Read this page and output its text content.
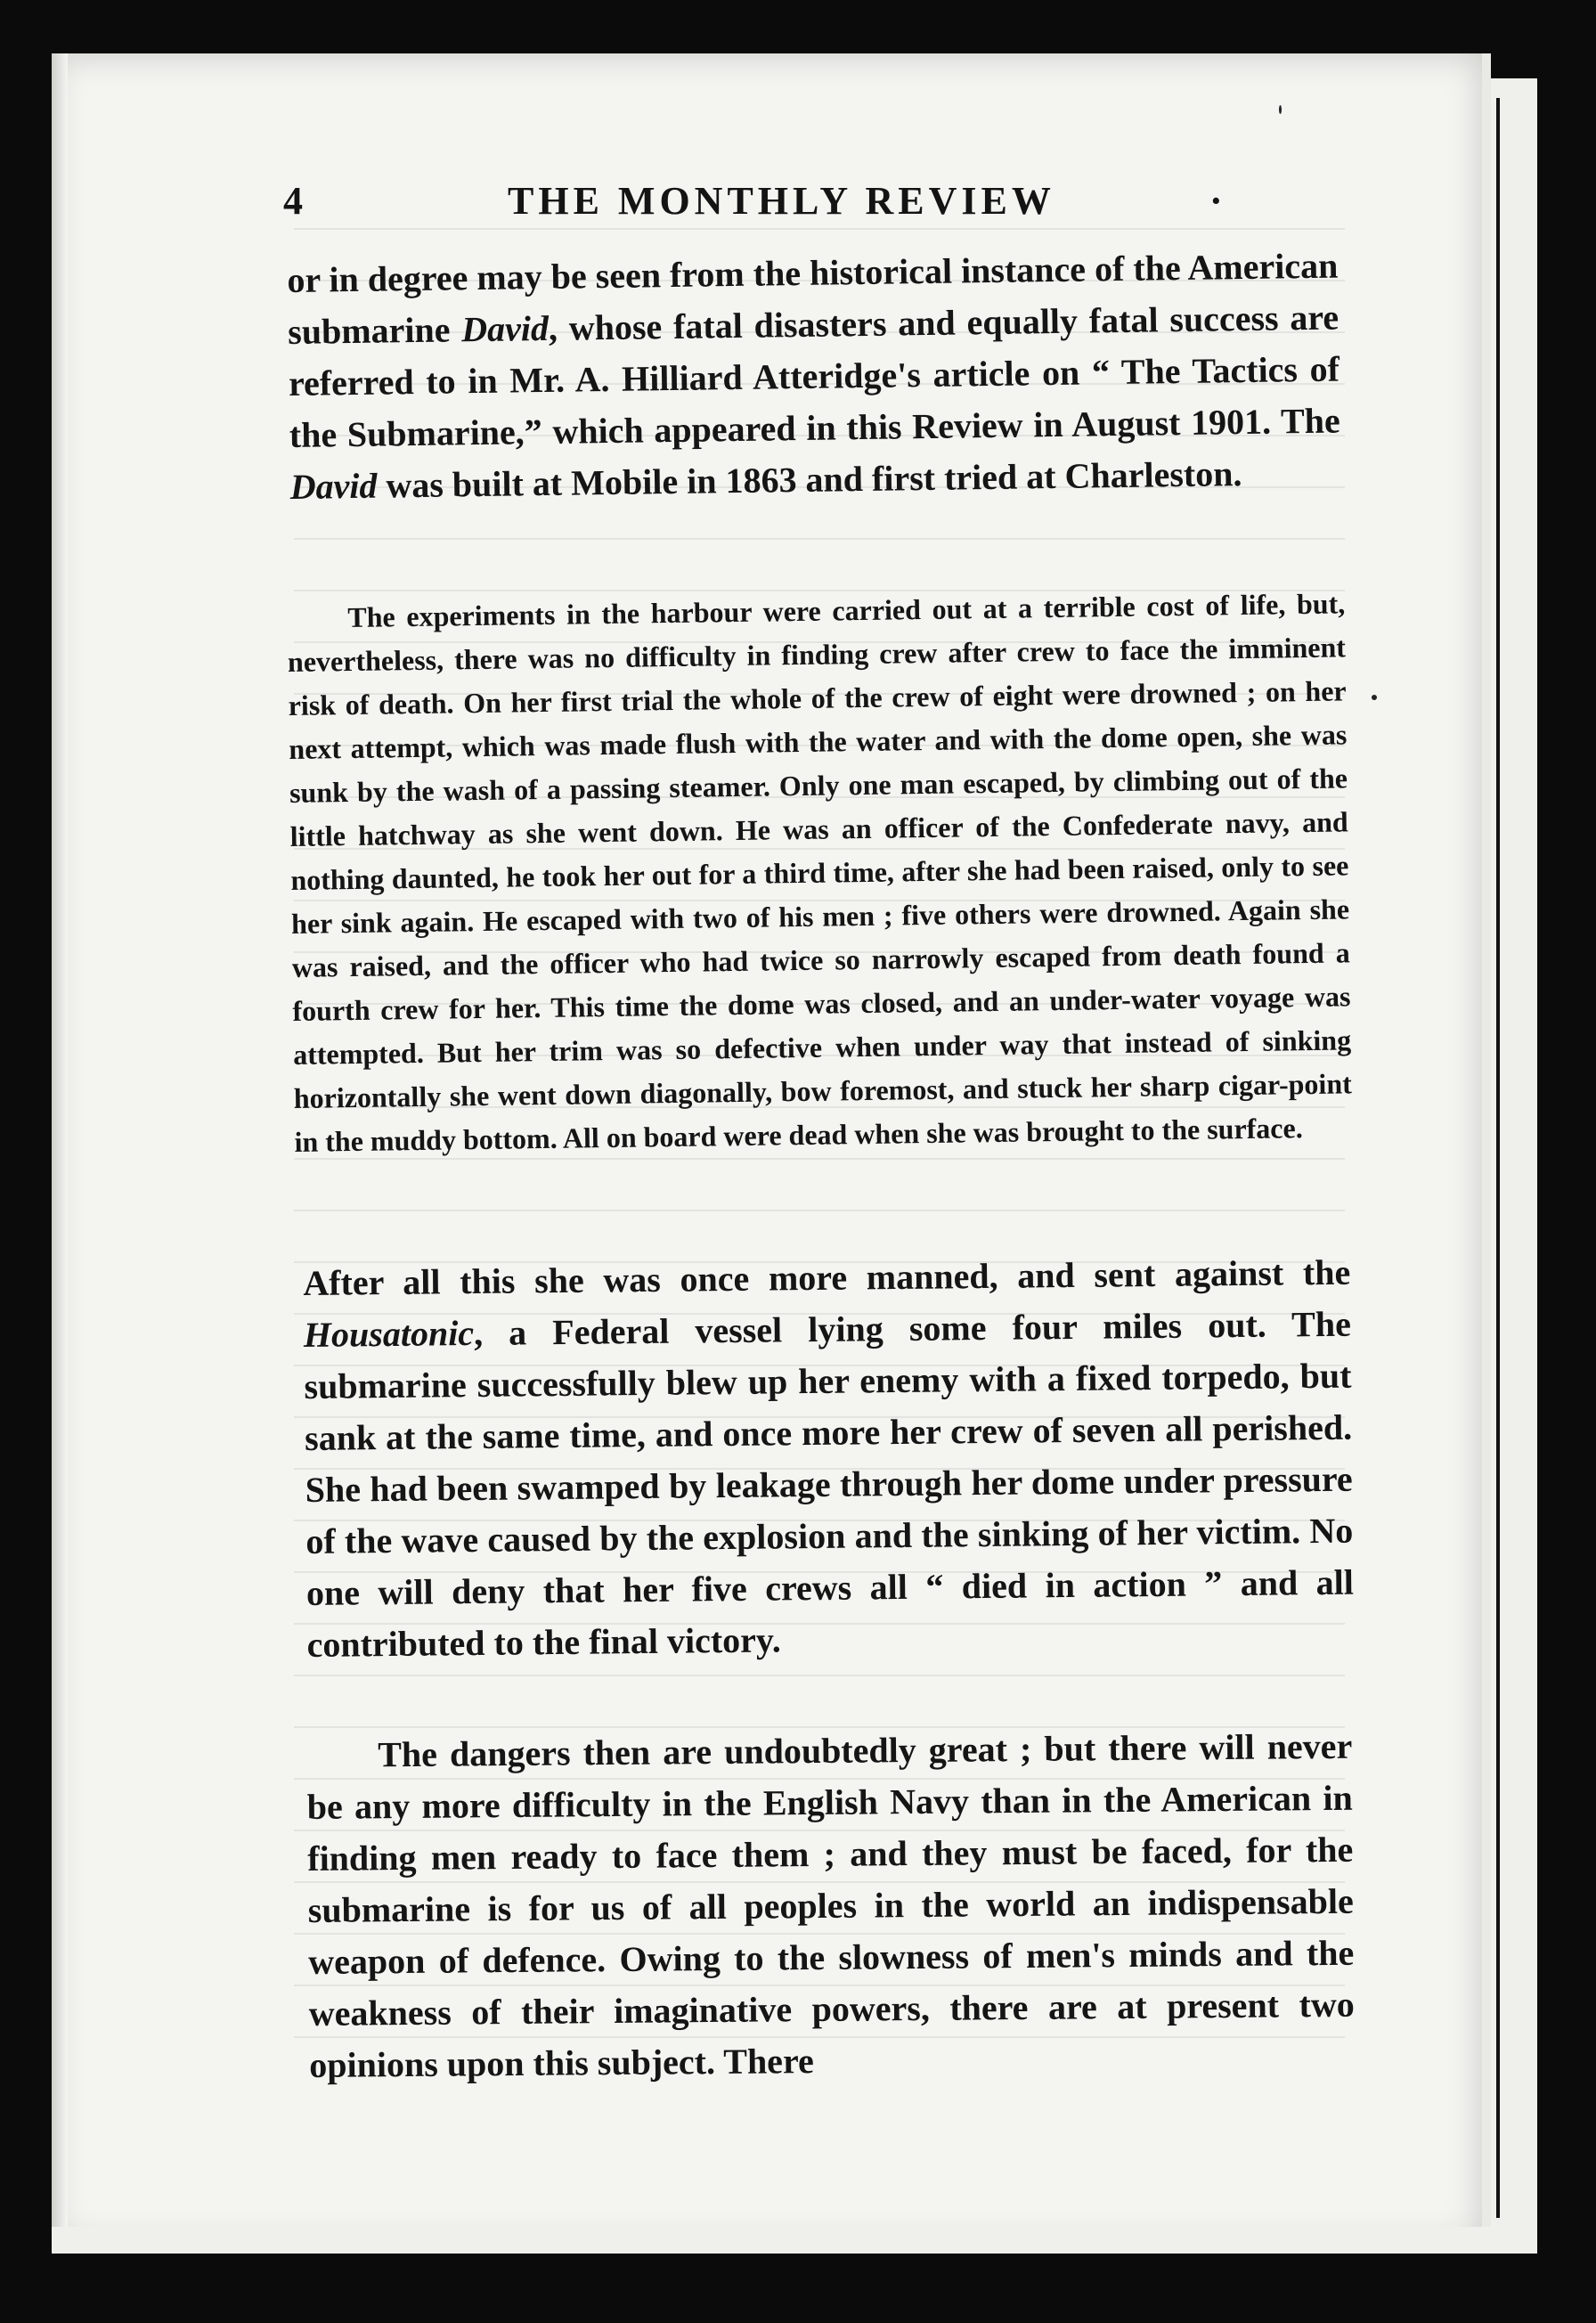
4	THE MONTHLY REVIEW	·

or in degree may be seen from the historical instance of the American submarine David, whose fatal disasters and equally fatal success are referred to in Mr. A. Hilliard Atteridge's article on “ The Tactics of the Submarine,” which appeared in this Review in August 1901. The David was built at Mobile in 1863 and first tried at Charleston.

The experiments in the harbour were carried out at a terrible cost of life, but, nevertheless, there was no difficulty in finding crew after crew to face the imminent risk of death. On her first trial the whole of the crew of eight were drowned ; on her next attempt, which was made flush with the water and with the dome open, she was sunk by the wash of a passing steamer. Only one man escaped, by climbing out of the little hatchway as she went down. He was an officer of the Confederate navy, and nothing daunted, he took her out for a third time, after she had been raised, only to see her sink again. He escaped with two of his men ; five others were drowned. Again she was raised, and the officer who had twice so narrowly escaped from death found a fourth crew for her. This time the dome was closed, and an under-water voyage was attempted. But her trim was so defective when under way that instead of sinking horizontally she went down diagonally, bow foremost, and stuck her sharp cigar-point in the muddy bottom. All on board were dead when she was brought to the surface.

After all this she was once more manned, and sent against the Housatonic, a Federal vessel lying some four miles out. The submarine successfully blew up her enemy with a fixed torpedo, but sank at the same time, and once more her crew of seven all perished. She had been swamped by leakage through her dome under pressure of the wave caused by the explosion and the sinking of her victim. No one will deny that her five crews all “ died in action ” and all contributed to the final victory.

The dangers then are undoubtedly great ; but there will never be any more difficulty in the English Navy than in the American in finding men ready to face them ; and they must be faced, for the submarine is for us of all peoples in the world an indispensable weapon of defence. Owing to the slowness of men's minds and the weakness of their imaginative powers, there are at present two opinions upon this subject. There
